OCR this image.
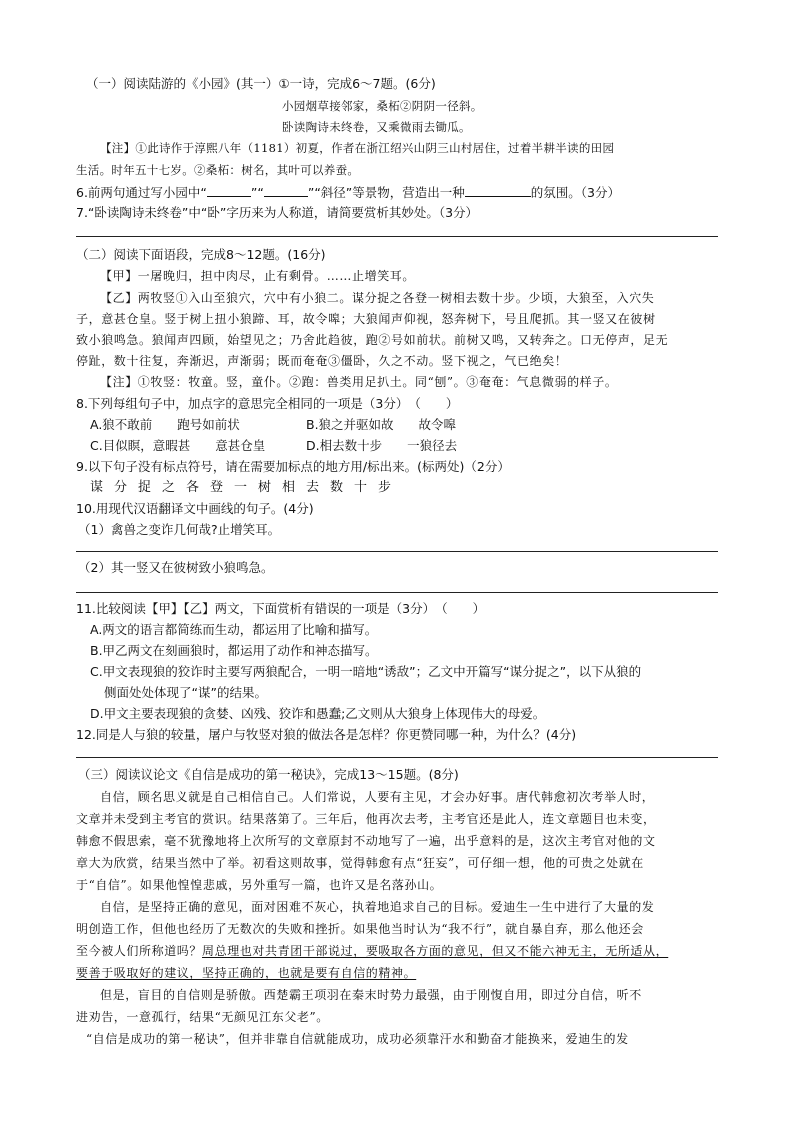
（一）阅读陆游的《小园》(其一）①一诗，完成6～7题。(6分)
小园烟草接邻家，桑柘②阴阴一径斜。
卧读陶诗未终卷，又乘微雨去锄瓜。
【注】①此诗作于淳熙八年（1181）初夏，作者在浙江绍兴山阴三山村居住，过着半耕半读的田园
生活。时年五十七岁。②桑柘：树名，其叶可以养蚕。
6.前两句通过写小园中“	”“	”“斜径”等景物，营造出一种	的氛围。（3分）
7.“卧读陶诗未终卷”中“卧”字历来为人称道，请简要赏析其妙处。（3分）
（二）阅读下面语段，完成8～12题。(16分)
【甲】一屠晚归，担中肉尽，止有剩骨。……止增笑耳。
【乙】两牧竖①入山至狼穴，穴中有小狼二。谋分捉之各登一树相去数十步。少顷，大狼至，入穴失
子，意甚仓皇。竖于树上扭小狼蹄、耳，故令嗥；大狼闻声仰视，怒奔树下，号且爬抓。其一竖又在彼树
致小狼鸣急。狼闻声四顾，始望见之；乃舍此趋彼，跑②号如前状。前树又鸣，又转奔之。口无停声，足无
停趾，数十往复，奔渐迟，声渐弱；既而奄奄③僵卧，久之不动。竖下视之，气已绝矣！
【注】①牧竖：牧童。竖，童仆。②跑：兽类用足扒土。同“刨”。③奄奄：气息微弱的样子。
8.下列每组句子中，加点字的意思完全相同的一项是（3分）　（　　）
A.狼不敢前　　跑号如前状	B.狼之并驱如故　　故令嗥
C.目似瞑，意暇甚　　意甚仓皇	D.相去数十步　　一狼径去
9.以下句子没有标点符号，请在需要加标点的地方用/标出来。(标两处)（2分）
谋分捉之各登一树相去数十步
10.用现代汉语翻译文中画线的句子。(4分)
（1）禽兽之变诈几何哉?止增笑耳。
（2）其一竖又在彼树致小狼鸣急。
11.比较阅读【甲】【乙】两文，下面赏析有错误的一项是（3分）　（　　）
A.两文的语言都简练而生动，都运用了比喻和描写。
B.甲乙两文在刻画狼时，都运用了动作和神态描写。
C.甲文表现狼的狡诈时主要写两狼配合，一明一暗地“诱敌”；乙文中开篇写“谋分捉之”，以下从狼的
侧面处处体现了“谋”的结果。
D.甲文主要表现狼的贪婪、凶残、狡诈和愚蠢;乙文则从大狼身上体现伟大的母爱。
12.同是人与狼的较量，屠户与牧竖对狼的做法各是怎样？你更赞同哪一种，为什么？(4分)
（三）阅读议论文《自信是成功的第一秘诀》，完成13～15题。(8分)
自信，顾名思义就是自己相信自己。人们常说，人要有主见，才会办好事。唐代韩愈初次考举人时，
文章并未受到主考官的赏识。结果落第了。三年后，他再次去考，主考官还是此人，连文章题目也未变，
韩愈不假思索，毫不犹豫地将上次所写的文章原封不动地写了一遍，出乎意料的是，这次主考官对他的文
章大为欣赏，结果当然中了举。初看这则故事，觉得韩愈有点“狂妄”，可仔细一想，他的可贵之处就在
于“自信”。如果他惶惶悲戚，另外重写一篇，也许又是名落孙山。
自信，是坚持正确的意见，面对困难不灰心，执着地追求自己的目标。爱迪生一生中进行了大量的发
明创造工作，但他也经历了无数次的失败和挫折。如果他当时认为“我不行”，就自暴自弃，那么他还会
至今被人们所称道吗？周总理也对共青团干部说过，要吸取各方面的意见，但又不能六神无主，无所适从，
要善于吸取好的建议，坚持正确的，也就是要有自信的精神。
但是，盲目的自信则是骄傲。西楚霸王项羽在秦末时势力最强，由于刚愎自用，即过分自信，听不
进劝告，一意孤行，结果“无颜见江东父老”。
“自信是成功的第一秘诀”，但并非靠自信就能成功，成功必须靠汗水和勤奋才能换来，爱迪生的发
